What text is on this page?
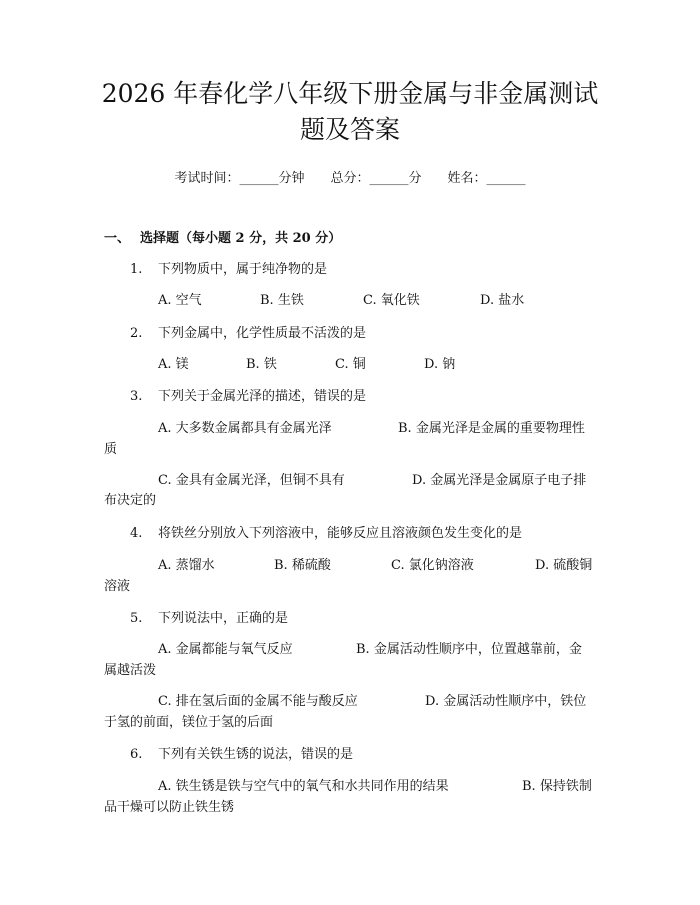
2026 年春化学八年级下册金属与非金属测试
题及答案
考试时间：______分钟 总分：______分 姓名：______
一、 选择题（每小题 2 分，共 20 分）
1. 下列物质中，属于纯净物的是
A. 空气	B. 生铁	C. 氧化铁	D. 盐水
2. 下列金属中，化学性质最不活泼的是
A. 镁	B. 铁	C. 铜	D. 钠
3. 下列关于金属光泽的描述，错误的是
A. 大多数金属都具有金属光泽	B. 金属光泽是金属的重要物理性
质
C. 金具有金属光泽，但铜不具有	D. 金属光泽是金属原子电子排
布决定的
4. 将铁丝分别放入下列溶液中，能够反应且溶液颜色发生变化的是
A. 蒸馏水	B. 稀硫酸	C. 氯化钠溶液	D. 硫酸铜
溶液
5. 下列说法中，正确的是
A. 金属都能与氧气反应	B. 金属活动性顺序中，位置越靠前，金
属越活泼
C. 排在氢后面的金属不能与酸反应	D. 金属活动性顺序中，铁位
于氢的前面，镁位于氢的后面
6. 下列有关铁生锈的说法，错误的是
A. 铁生锈是铁与空气中的氧气和水共同作用的结果	B. 保持铁制
品干燥可以防止铁生锈
